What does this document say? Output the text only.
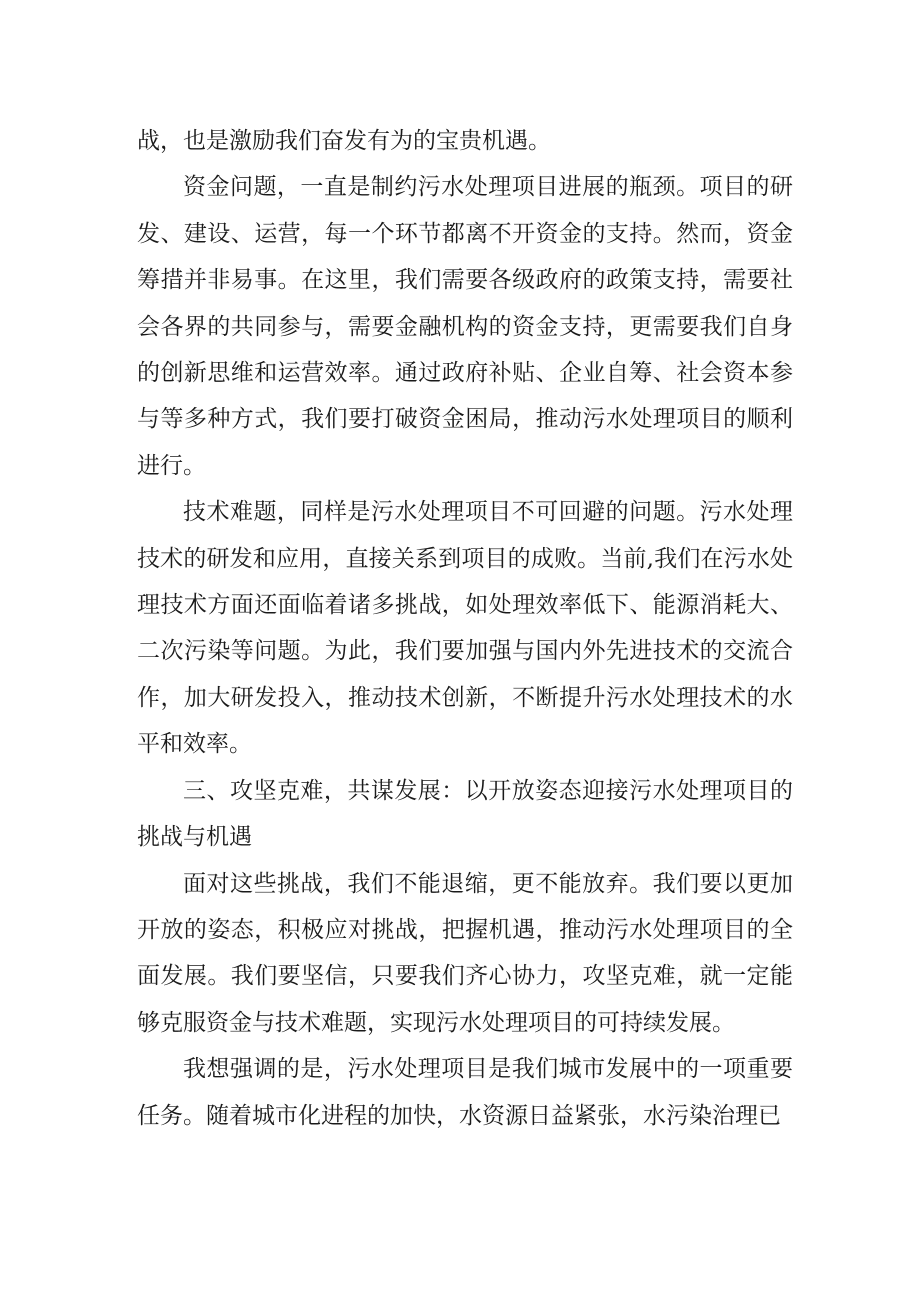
战，也是激励我们奋发有为的宝贵机遇。

资金问题，一直是制约污水处理项目进展的瓶颈。项目的研发、建设、运营，每一个环节都离不开资金的支持。然而，资金筹措并非易事。在这里，我们需要各级政府的政策支持，需要社会各界的共同参与，需要金融机构的资金支持，更需要我们自身的创新思维和运营效率。通过政府补贴、企业自筹、社会资本参与等多种方式，我们要打破资金困局，推动污水处理项目的顺利进行。

技术难题，同样是污水处理项目不可回避的问题。污水处理技术的研发和应用，直接关系到项目的成败。当前,我们在污水处理技术方面还面临着诸多挑战，如处理效率低下、能源消耗大、二次污染等问题。为此，我们要加强与国内外先进技术的交流合作，加大研发投入，推动技术创新，不断提升污水处理技术的水平和效率。

三、攻坚克难，共谋发展：以开放姿态迎接污水处理项目的挑战与机遇

面对这些挑战，我们不能退缩，更不能放弃。我们要以更加开放的姿态，积极应对挑战，把握机遇，推动污水处理项目的全面发展。我们要坚信，只要我们齐心协力，攻坚克难，就一定能够克服资金与技术难题，实现污水处理项目的可持续发展。

我想强调的是，污水处理项目是我们城市发展中的一项重要任务。随着城市化进程的加快，水资源日益紧张，水污染治理已
